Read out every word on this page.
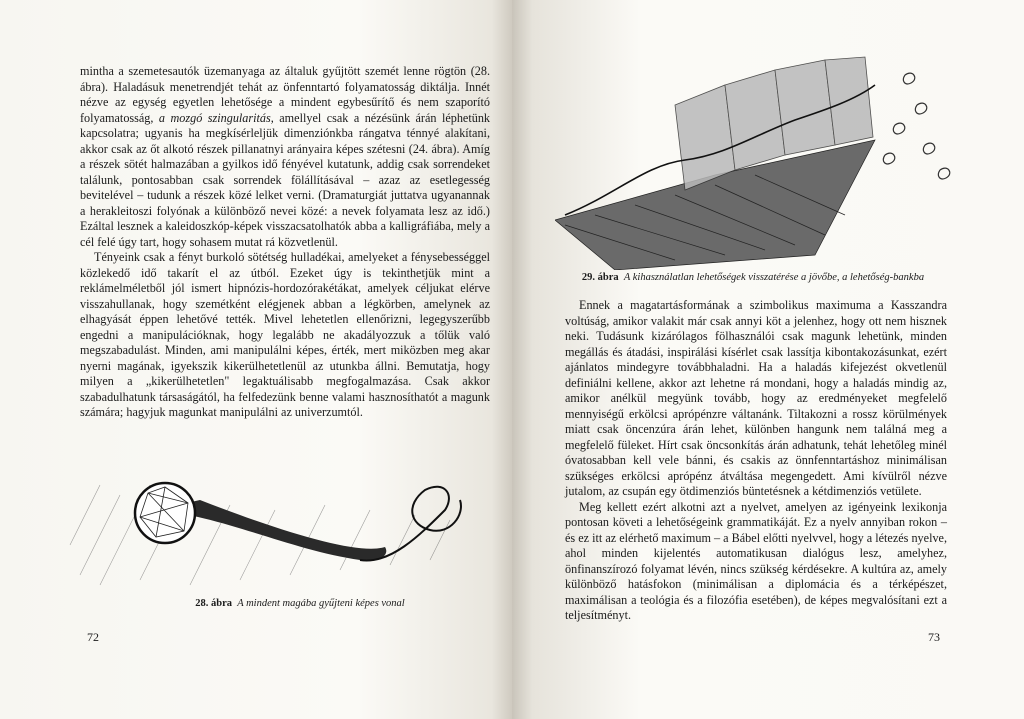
mintha a szemetesautók üzemanyaga az általuk gyűjtött szemét lenne rögtön (28. ábra). Haladásuk menetrendjét tehát az önfenntartó folyamatosság diktálja. Innét nézve az egység egyetlen lehetősége a mindent egybesűrítő és nem szaporító folyamatosság, a mozgó szingularitás, amellyel csak a nézésünk árán léphetünk kapcsolatra; ugyanis ha megkísérleljük dimenziónkba rángatva ténnyé alakítani, akkor csak az őt alkotó részek pillanatnyi arányaira képes szétesni (24. ábra). Amíg a részek sötét halmazában a gyilkos idő fényével kutatunk, addig csak sorrendeket találunk, pontosabban csak sorrendek fölállításával – azaz az esetlegesség bevitelével – tudunk a részek közé lelket verni. (Dramaturgiát juttatva ugyanannak a herakleitoszi folyónak a különböző nevei közé: a nevek folyamata lesz az idő.) Ezáltal lesznek a kaleidoszkóp-képek visszacsatolhatók abba a kalligráfiába, mely a cél felé úgy tart, hogy sohasem mutat rá közvetlenül.

Tényeink csak a fényt burkoló sötétség hulladékai, amelyeket a fénysebességgel közlekedő idő takarít el az útból. Ezeket úgy is tekinthetjük mint a reklámelméletből jól ismert hipnózis-hordozórakétákat, amelyek céljukat elérve visszahullanak, hogy szemétként elégjenek abban a légkörben, amelynek az elhagyását éppen lehetővé tették. Mivel lehetetlen ellenőrizni, legegyszerűbb engedni a manipulációknak, hogy legalább ne akadályozzuk a tőlük való megszabadulást. Minden, ami manipulálni képes, érték, mert miközben meg akar nyerni magának, igyekszik kikerülhetetlenül az utunkba állni. Bemutatja, hogy milyen a „kikerülhetetlen" legaktuálisabb megfogalmazása. Csak akkor szabadulhatunk társaságától, ha felfedezünk benne valami hasznosíthatót a magunk számára; hagyjuk magunkat manipulálni az univerzumtól.

28. ábra A mindent magába gyűjteni képes vonal
72
29. ábra A kihasználatlan lehetőségek visszatérése a jövőbe, a lehetőség-bankba

Ennek a magatartásformának a szimbolikus maximuma a Kasszandra voltúság, amikor valakit már csak annyi köt a jelenhez, hogy ott nem hisznek neki. Tudásunk kizárólagos fölhasználói csak magunk lehetünk, minden megállás és átadási, inspirálási kísérlet csak lassítja kibontakozásunkat, ezért ajánlatos mindegyre továbbhaladni. Ha a haladás kifejezést okvetlenül definiálni kellene, akkor azt lehetne rá mondani, hogy a haladás mindig az, amikor anélkül megyünk tovább, hogy az eredményeket megfelelő mennyiségű erkölcsi aprópénzre váltanánk. Tiltakozni a rossz körülmények miatt csak öncenzúra árán lehet, különben hangunk nem találná meg a megfelelő füleket. Hírt csak öncsonkítás árán adhatunk, tehát lehetőleg minél óvatosabban kell vele bánni, és csakis az önnfenntartáshoz minimálisan szükséges erkölcsi aprópénz átváltása megengedett. Ami kívülről nézve jutalom, az csupán egy ötdimenziós büntetésnek a kétdimenziós vetülete.

Meg kellett ezért alkotni azt a nyelvet, amelyen az igényeink lexikonja pontosan követi a lehetőségeink grammatikáját. Ez a nyelv annyiban rokon – és ez itt az elérhető maximum – a Bábel előtti nyelvvel, hogy a létezés nyelve, ahol minden kijelentés automatikusan dialógus lesz, amelyhez, önfinanszírozó folyamat lévén, nincs szükség kérdésekre. A kultúra az, amely különböző hatásfokon (minimálisan a diplomácia és a térképészet, maximálisan a teológia és a filozófia esetében), de képes megvalósítani ezt a teljesítményt.

73
